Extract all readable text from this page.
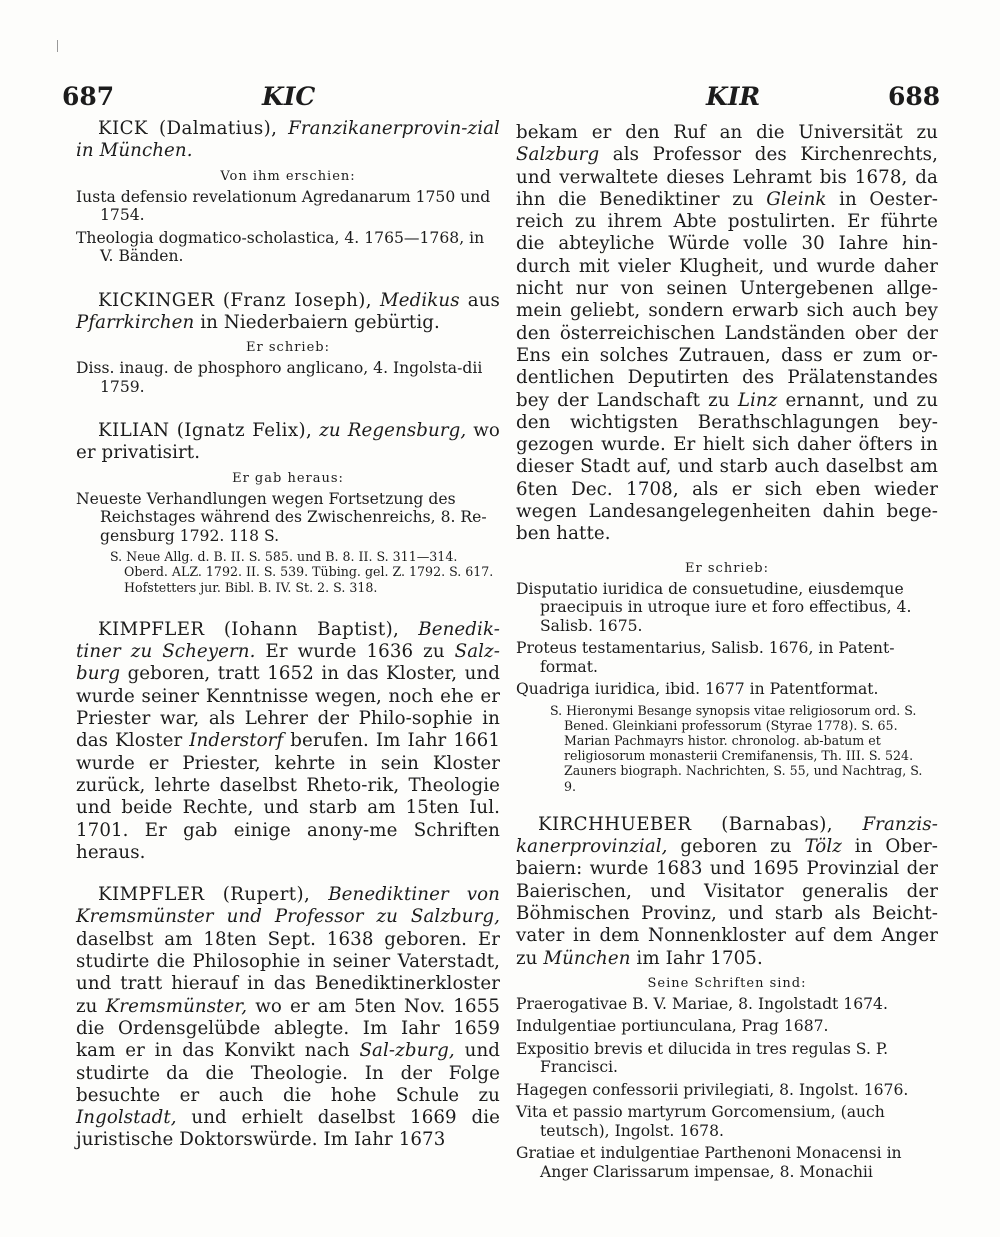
687	KIC	KIR	688
KICK (Dalmatius), Franzikanerprovin-zial in München.
Von ihm erschien:
Iusta defensio revelationum Agredanarum 1750 und 1754.
Theologia dogmatico-scholastica, 4. 1765—1768, in V. Bänden.
KICKINGER (Franz Ioseph), Medikus aus Pfarrkirchen in Niederbaiern gebürtig.
Er schrieb:
Diss. inaug. de phosphoro anglicano, 4. Ingolsta-dii 1759.
KILIAN (Ignatz Felix), zu Regensburg, wo er privatisirt.
Er gab heraus:
Neueste Verhandlungen wegen Fortsetzung des Reichstages während des Zwischenreichs, 8. Re-gensburg 1792. 118 S.
S. Neue Allg. d. B. II. S. 585. und B. 8. II. S. 311—314. Oberd. ALZ. 1792. II. S. 539. Tübing. gel. Z. 1792. S. 617. Hofstetters jur. Bibl. B. IV. St. 2. S. 318.
KIMPFLER (Iohann Baptist), Benedik-tiner zu Scheyern. Er wurde 1636 zu Salz-burg geboren, tratt 1652 in das Kloster, und wurde seiner Kenntnisse wegen, noch ehe er Priester war, als Lehrer der Philo-sophie in das Kloster Inderstorf berufen. Im Iahr 1661 wurde er Priester, kehrte in sein Kloster zurück, lehrte daselbst Rheto-rik, Theologie und beide Rechte, und starb am 15ten Iul. 1701. Er gab einige anony-me Schriften heraus.
KIMPFLER (Rupert), Benediktiner von Kremsmünster und Professor zu Salzburg, daselbst am 18ten Sept. 1638 geboren. Er studirte die Philosophie in seiner Vaterstadt, und tratt hierauf in das Benediktinerkloster zu Kremsmünster, wo er am 5ten Nov. 1655 die Ordensgelübde ablegte. Im Iahr 1659 kam er in das Konvikt nach Sal-zburg, und studirte da die Theologie. In der Folge besuchte er auch die hohe Schule zu Ingolstadt, und erhielt daselbst 1669 die juristische Doktorswürde. Im Iahr 1673
bekam er den Ruf an die Universität zu Salzburg als Professor des Kirchenrechts, und verwaltete dieses Lehramt bis 1678, da ihn die Benediktiner zu Gleink in Oester-reich zu ihrem Abte postulirten. Er führte die abteyliche Würde volle 30 Iahre hin-durch mit vieler Klugheit, und wurde daher nicht nur von seinen Untergebenen allge-mein geliebt, sondern erwarb sich auch bey den österreichischen Landständen ober der Ens ein solches Zutrauen, dass er zum or-dentlichen Deputirten des Prälatenstandes bey der Landschaft zu Linz ernannt, und zu den wichtigsten Berathschlagungen bey-gezogen wurde. Er hielt sich daher öfters in dieser Stadt auf, und starb auch daselbst am 6ten Dec. 1708, als er sich eben wieder wegen Landesangelegenheiten dahin bege-ben hatte.
Er schrieb:
Disputatio iuridica de consuetudine, eiusdemque praecipuis in utroque iure et foro effectibus, 4. Salisb. 1675.
Proteus testamentarius, Salisb. 1676, in Patent-format.
Quadriga iuridica, ibid. 1677 in Patentformat.
S. Hieronymi Besange synopsis vitae religiosorum ord. S. Bened. Gleinkiani professorum (Styrae 1778). S. 65. Marian Pachmayrs histor. chronolog. ab-batum et religiosorum monasterii Cremifanensis, Th. III. S. 524. Zauners biograph. Nachrichten, S. 55, und Nachtrag, S. 9.
KIRCHHUEBER (Barnabas), Franzis-kanerprovinzial, geboren zu Tölz in Ober-baiern: wurde 1683 und 1695 Provinzial der Baierischen, und Visitator generalis der Böhmischen Provinz, und starb als Beicht-vater in dem Nonnenkloster auf dem Anger zu München im Iahr 1705.
Seine Schriften sind:
Praerogativae B. V. Mariae, 8. Ingolstadt 1674.
Indulgentiae portiunculana, Prag 1687.
Expositio brevis et dilucida in tres regulas S. P. Francisci.
Hagegen confessorii privilegiati, 8. Ingolst. 1676.
Vita et passio martyrum Gorcomensium, (auch teutsch), Ingolst. 1678.
Gratiae et indulgentiae Parthenoni Monacensi in Anger Clarissarum impensae, 8. Monachii
